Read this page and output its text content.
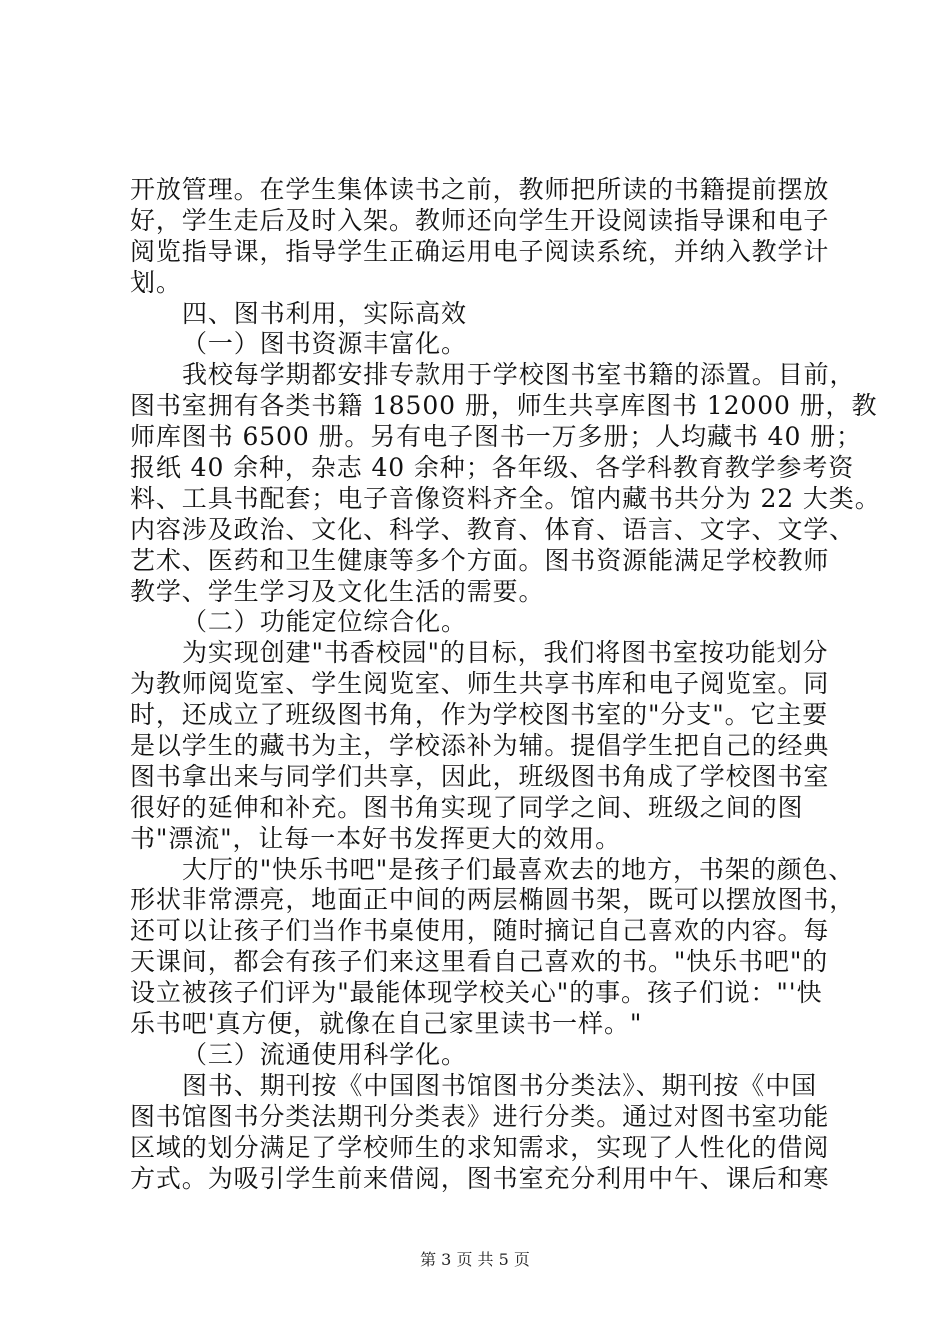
开放管理。在学生集体读书之前，教师把所读的书籍提前摆放
好，学生走后及时入架。教师还向学生开设阅读指导课和电子
阅览指导课，指导学生正确运用电子阅读系统，并纳入教学计
划。
四、图书利用，实际高效
（一）图书资源丰富化。
我校每学期都安排专款用于学校图书室书籍的添置。目前，
图书室拥有各类书籍 18500 册，师生共享库图书 12000 册，教
师库图书 6500 册。另有电子图书一万多册；人均藏书 40 册；
报纸 40 余种，杂志 40 余种；各年级、各学科教育教学参考资
料、工具书配套；电子音像资料齐全。馆内藏书共分为 22 大类。
内容涉及政治、文化、科学、教育、体育、语言、文字、文学、
艺术、医药和卫生健康等多个方面。图书资源能满足学校教师
教学、学生学习及文化生活的需要。
（二）功能定位综合化。
为实现创建"书香校园"的目标，我们将图书室按功能划分
为教师阅览室、学生阅览室、师生共享书库和电子阅览室。同
时，还成立了班级图书角，作为学校图书室的"分支"。它主要
是以学生的藏书为主，学校添补为辅。提倡学生把自己的经典
图书拿出来与同学们共享，因此，班级图书角成了学校图书室
很好的延伸和补充。图书角实现了同学之间、班级之间的图
书"漂流"，让每一本好书发挥更大的效用。
大厅的"快乐书吧"是孩子们最喜欢去的地方，书架的颜色、
形状非常漂亮，地面正中间的两层椭圆书架，既可以摆放图书，
还可以让孩子们当作书桌使用，随时摘记自己喜欢的内容。每
天课间，都会有孩子们来这里看自己喜欢的书。"快乐书吧"的
设立被孩子们评为"最能体现学校关心"的事。孩子们说："'快
乐书吧'真方便，就像在自己家里读书一样。"
（三）流通使用科学化。
图书、期刊按《中国图书馆图书分类法》、期刊按《中国
图书馆图书分类法期刊分类表》进行分类。通过对图书室功能
区域的划分满足了学校师生的求知需求，实现了人性化的借阅
方式。为吸引学生前来借阅，图书室充分利用中午、课后和寒
第 3 页 共 5 页
